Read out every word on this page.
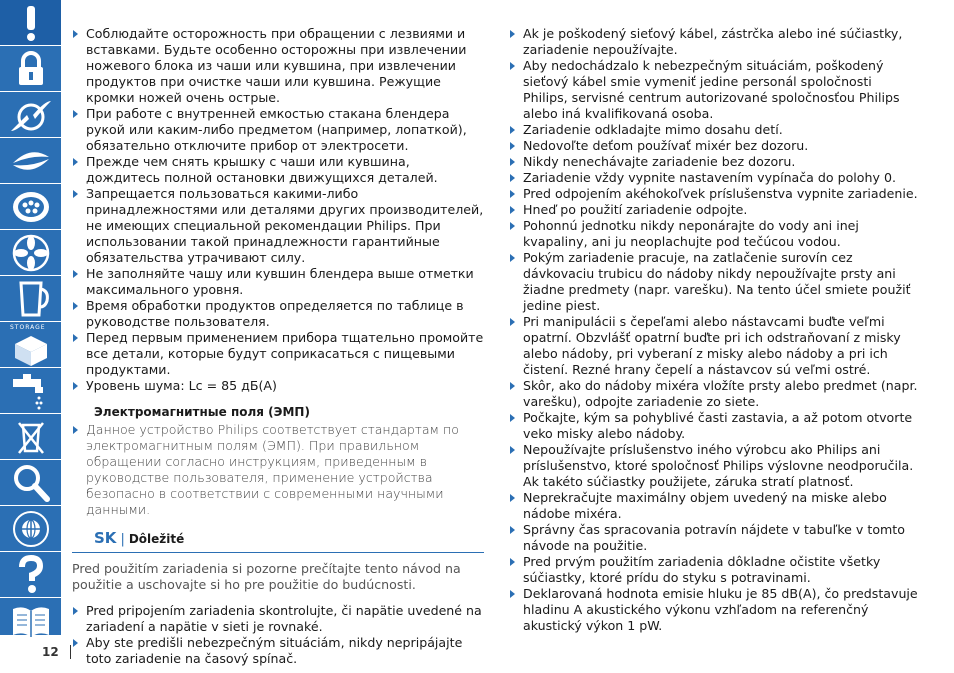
STORAGE
12
Соблюдайте осторожность при обращении с лезвиями и вставками. Будьте особенно осторожны при извлечении ножевого блока из чаши или кувшина, при извлечении продуктов при очистке чаши или кувшина. Режущие кромки ножей очень острые.
При работе с внутренней емкостью стакана блендера рукой или каким-либо предметом (например, лопаткой), обязательно отключите прибор от электросети.
Прежде чем снять крышку с чаши или кувшина, дождитесь полной остановки движущихся деталей.
Запрещается пользоваться какими-либо принадлежностями или деталями других производителей, не имеющих специальной рекомендации Philips. При использовании такой принадлежности гарантийные обязательства утрачивают силу.
Не заполняйте чашу или кувшин блендера выше отметки максимального уровня.
Время обработки продуктов определяется по таблице в руководстве пользователя.
Перед первым применением прибора тщательно промойте все детали, которые будут соприкасаться с пищевыми продуктами.
Уровень шума: Lc = 85 дБ(A)
Электромагнитные поля (ЭМП)
Данное устройство Philips соответствует стандартам по электромагнитным полям (ЭМП). При правильном обращении согласно инструкциям, приведенным в руководстве пользователя, применение устройства безопасно в соответствии с современными научными данными.
SK | Dôležité
Pred použitím zariadenia si pozorne prečítajte tento návod na použitie a uschovajte si ho pre použitie do budúcnosti.
Pred pripojením zariadenia skontrolujte, či napätie uvedené na zariadení a napätie v sieti je rovnaké.
Aby ste predišli nebezpečným situáciám, nikdy nepripájajte toto zariadenie na časový spínač.
Ak je poškodený sieťový kábel, zástrčka alebo iné súčiastky, zariadenie nepoužívajte.
Aby nedochádzalo k nebezpečným situáciám, poškodený sieťový kábel smie vymeniť jedine personál spoločnosti Philips, servisné centrum autorizované spoločnosťou Philips alebo iná kvalifikovaná osoba.
Zariadenie odkladajte mimo dosahu detí.
Nedovoľte deťom používať mixér bez dozoru.
Nikdy nenechávajte zariadenie bez dozoru.
Zariadenie vždy vypnite nastavením vypínača do polohy 0.
Pred odpojením akéhokoľvek príslušenstva vypnite zariadenie.
Hneď po použití zariadenie odpojte.
Pohonnú jednotku nikdy neponárajte do vody ani inej kvapaliny, ani ju neoplachujte pod tečúcou vodou.
Pokým zariadenie pracuje, na zatlačenie surovín cez dávkovaciu trubicu do nádoby nikdy nepoužívajte prsty ani žiadne predmety (napr. varešku). Na tento účel smiete použiť jedine piest.
Pri manipulácii s čepeľami alebo nástavcami buďte veľmi opatrní. Obzvlášť opatrní buďte pri ich odstraňovaní z misky alebo nádoby, pri vyberaní z misky alebo nádoby a pri ich čistení. Rezné hrany čepelí a nástavcov sú veľmi ostré.
Skôr, ako do nádoby mixéra vložíte prsty alebo predmet (napr. varešku), odpojte zariadenie zo siete.
Počkajte, kým sa pohyblivé časti zastavia, a až potom otvorte veko misky alebo nádoby.
Nepoužívajte príslušenstvo iného výrobcu ako Philips ani príslušenstvo, ktoré spoločnosť Philips výslovne neodporučila. Ak takéto súčiastky použijete, záruka stratí platnosť.
Neprekračujte maximálny objem uvedený na miske alebo nádobe mixéra.
Správny čas spracovania potravín nájdete v tabuľke v tomto návode na použitie.
Pred prvým použitím zariadenia dôkladne očistite všetky súčiastky, ktoré prídu do styku s potravinami.
Deklarovaná hodnota emisie hluku je 85 dB(A), čo predstavuje hladinu A akustického výkonu vzhľadom na referenčný akustický výkon 1 pW.
